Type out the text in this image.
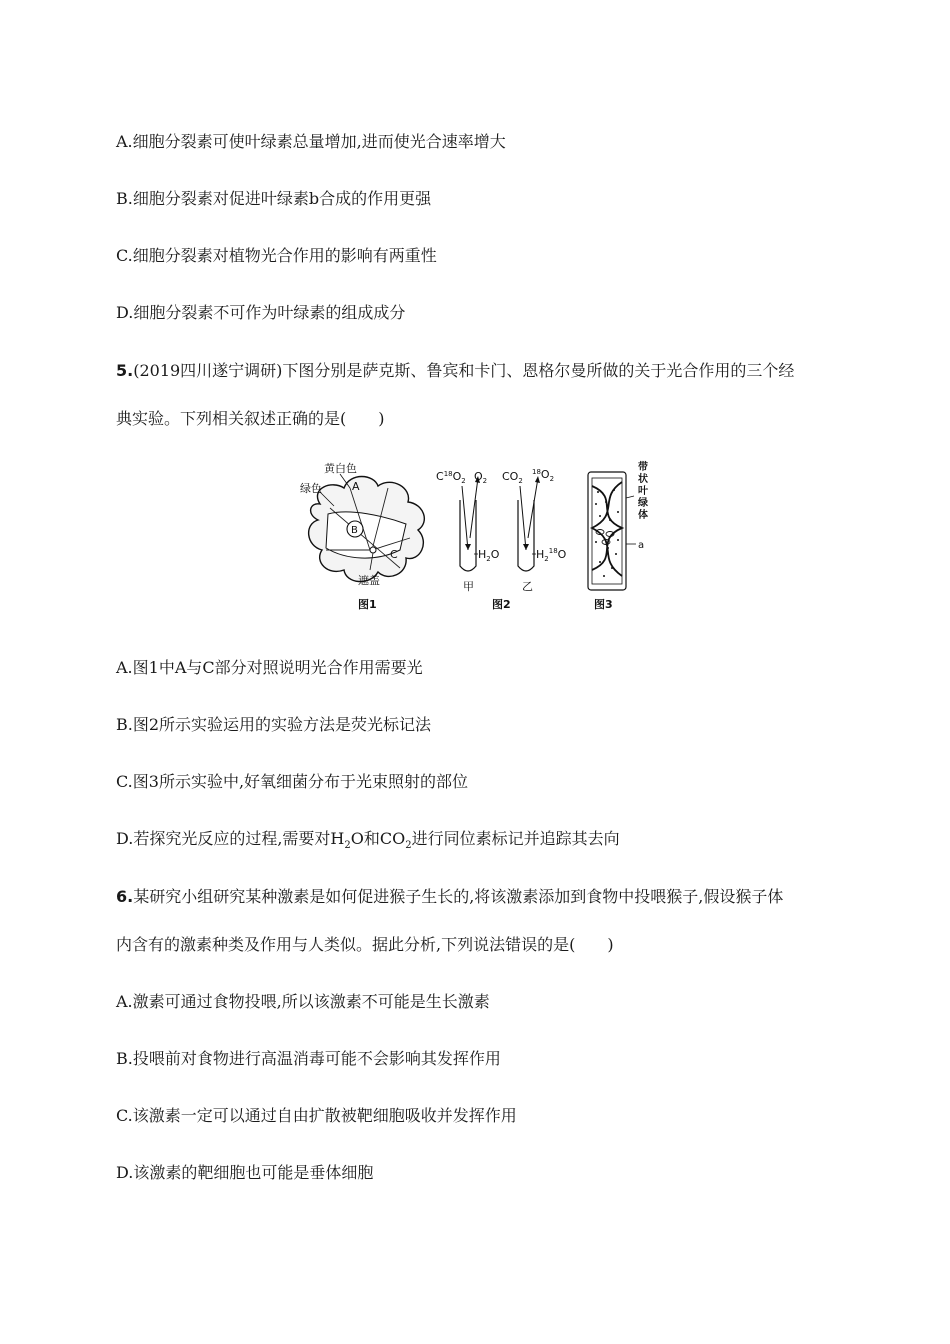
A.细胞分裂素可使叶绿素总量增加,进而使光合速率增大
B.细胞分裂素对促进叶绿素b合成的作用更强
C.细胞分裂素对植物光合作用的影响有两重性
D.细胞分裂素不可作为叶绿素的组成成分
5.(2019四川遂宁调研)下图分别是萨克斯、鲁宾和卡门、恩格尔曼所做的关于光合作用的三个经
典实验。下列相关叙述正确的是(　　)
黄白色
绿色	A
B
C
遮盖
图1
$C^{18}O_2$ $O_2$
$H_2O$
甲
$CO_2$
$18O_2$
$H_2^{18}O$
乙
图2
带
状
叶
绿
体
a
图3
A.图1中A与C部分对照说明光合作用需要光
B.图2所示实验运用的实验方法是荧光标记法
C.图3所示实验中,好氧细菌分布于光束照射的部位
D.若探究光反应的过程,需要对$H_2O$和$CO_2$进行同位素标记并追踪其去向
6.某研究小组研究某种激素是如何促进猴子生长的,将该激素添加到食物中投喂猴子,假设猴子体
内含有的激素种类及作用与人类似。据此分析,下列说法错误的是(　　)
A.激素可通过食物投喂,所以该激素不可能是生长激素
B.投喂前对食物进行高温消毒可能不会影响其发挥作用
C.该激素一定可以通过自由扩散被靶细胞吸收并发挥作用
D.该激素的靶细胞也可能是垂体细胞
